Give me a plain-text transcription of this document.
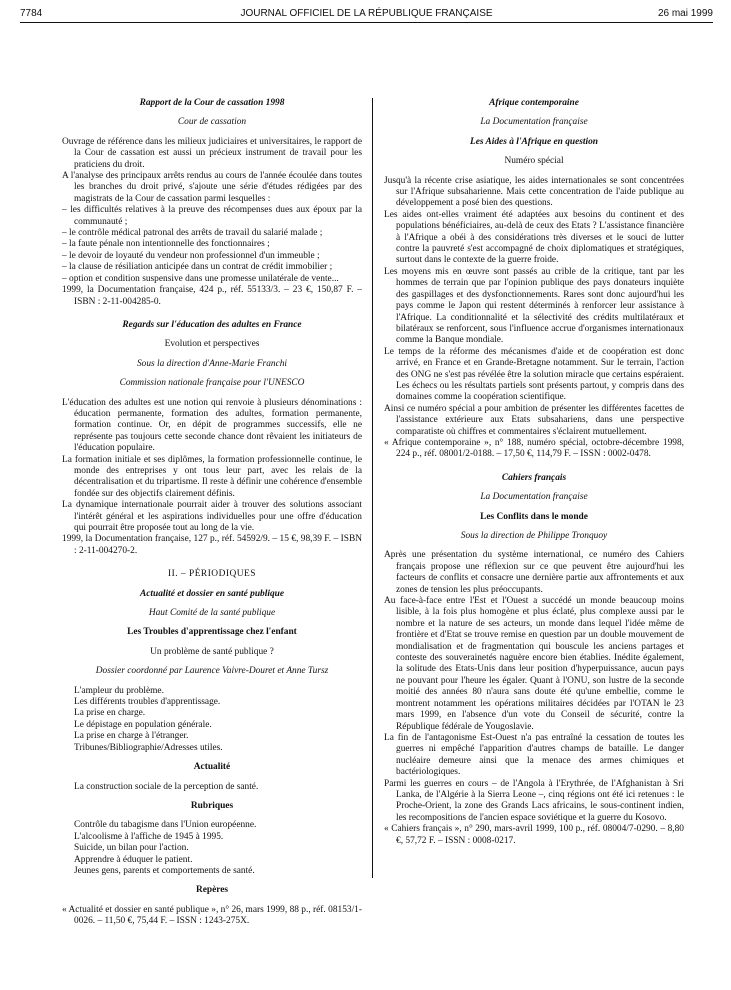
7784	JOURNAL OFFICIEL DE LA RÉPUBLIQUE FRANÇAISE	26 mai 1999
Rapport de la Cour de cassation 1998
Cour de cassation

Ouvrage de référence dans les milieux judiciaires et universitaires, le rapport de la Cour de cassation est aussi un précieux instrument de travail pour les praticiens du droit.

A l'analyse des principaux arrêts rendus au cours de l'année écoulée dans toutes les branches du droit privé, s'ajoute une série d'études rédigées par des magistrats de la Cour de cassation parmi lesquelles :

– les difficultés relatives à la preuve des récompenses dues aux époux par la communauté ;

– le contrôle médical patronal des arrêts de travail du salarié malade ;

– la faute pénale non intentionnelle des fonctionnaires ;

– le devoir de loyauté du vendeur non professionnel d'un immeuble ;

– la clause de résiliation anticipée dans un contrat de crédit immobilier ;

– option et condition suspensive dans une promesse unilatérale de vente...

1999, la Documentation française, 424 p., réf. 55133/3. – 23 €, 150,87 F. – ISBN : 2-11-004285-0.

Regards sur l'éducation des adultes en France
Evolution et perspectives
Sous la direction d'Anne-Marie Franchi
Commission nationale française pour l'UNESCO

L'éducation des adultes est une notion qui renvoie à plusieurs dénominations : éducation permanente, formation des adultes, formation permanente, formation continue. Or, en dépit de programmes successifs, elle ne représente pas toujours cette seconde chance dont rêvaient les initiateurs de l'éducation populaire.

La formation initiale et ses diplômes, la formation professionnelle continue, le monde des entreprises y ont tous leur part, avec les relais de la décentralisation et du tripartisme. Il reste à définir une cohérence d'ensemble fondée sur des objectifs clairement définis.

La dynamique internationale pourrait aider à trouver des solutions associant l'intérêt général et les aspirations individuelles pour une offre d'éducation qui pourrait être proposée tout au long de la vie.

1999, la Documentation française, 127 p., réf. 54592/9. – 15 €, 98,39 F. – ISBN : 2-11-004270-2.

II. – PÉRIODIQUES
Actualité et dossier en santé publique
Haut Comité de la santé publique
Les Troubles d'apprentissage chez l'enfant
Un problème de santé publique ?
Dossier coordonné par Laurence Vaivre-Douret et Anne Tursz

L'ampleur du problème.

Les différents troubles d'apprentissage.

La prise en charge.

Le dépistage en population générale.

La prise en charge à l'étranger.

Tribunes/Bibliographie/Adresses utiles.

Actualité

La construction sociale de la perception de santé.

Rubriques

Contrôle du tabagisme dans l'Union européenne.

L'alcoolisme à l'affiche de 1945 à 1995.

Suicide, un bilan pour l'action.

Apprendre à éduquer le patient.

Jeunes gens, parents et comportements de santé.

Repères

« Actualité et dossier en santé publique », n° 26, mars 1999, 88 p., réf. 08153/1-0026. – 11,50 €, 75,44 F. – ISSN : 1243-275X.

Afrique contemporaine
La Documentation française
Les Aides à l'Afrique en question
Numéro spécial

Jusqu'à la récente crise asiatique, les aides internationales se sont concentrées sur l'Afrique subsaharienne. Mais cette concentration de l'aide publique au développement a posé bien des questions.

Les aides ont-elles vraiment été adaptées aux besoins du continent et des populations bénéficiaires, au-delà de ceux des Etats ? L'assistance financière à l'Afrique a obéi à des considérations très diverses et le souci de lutter contre la pauvreté s'est accompagné de choix diplomatiques et stratégiques, surtout dans le contexte de la guerre froide.

Les moyens mis en œuvre sont passés au crible de la critique, tant par les hommes de terrain que par l'opinion publique des pays donateurs inquiète des gaspillages et des dysfonctionnements. Rares sont donc aujourd'hui les pays comme le Japon qui restent déterminés à renforcer leur assistance à l'Afrique. La conditionnalité et la sélectivité des crédits multilatéraux et bilatéraux se renforcent, sous l'influence accrue d'organismes internationaux comme la Banque mondiale.

Le temps de la réforme des mécanismes d'aide et de coopération est donc arrivé, en France et en Grande-Bretagne notamment. Sur le terrain, l'action des ONG ne s'est pas révélée être la solution miracle que certains espéraient. Les échecs ou les résultats partiels sont présents partout, y compris dans des domaines comme la coopération scientifique.

Ainsi ce numéro spécial a pour ambition de présenter les différentes facettes de l'assistance extérieure aux Etats subsahariens, dans une perspective comparatiste où chiffres et commentaires s'éclairent mutuellement.

« Afrique contemporaine », n° 188, numéro spécial, octobre-décembre 1998, 224 p., réf. 08001/2-0188. – 17,50 €, 114,79 F. – ISSN : 0002-0478.

Cahiers français
La Documentation française
Les Conflits dans le monde
Sous la direction de Philippe Tronquoy

Après une présentation du système international, ce numéro des Cahiers français propose une réflexion sur ce que peuvent être aujourd'hui les facteurs de conflits et consacre une dernière partie aux affrontements et aux zones de tension les plus préoccupants.

Au face-à-face entre l'Est et l'Ouest a succédé un monde beaucoup moins lisible, à la fois plus homogène et plus éclaté, plus complexe aussi par le nombre et la nature de ses acteurs, un monde dans lequel l'idée même de frontière et d'Etat se trouve remise en question par un double mouvement de mondialisation et de fragmentation qui bouscule les anciens partages et conteste des souverainetés naguère encore bien établies. Inédite également, la solitude des Etats-Unis dans leur position d'hyperpuissance, aucun pays ne pouvant pour l'heure les égaler. Quant à l'ONU, son lustre de la seconde moitié des années 80 n'aura sans doute été qu'une embellie, comme le montrent notamment les opérations militaires décidées par l'OTAN le 23 mars 1999, en l'absence d'un vote du Conseil de sécurité, contre la République fédérale de Yougoslavie.

La fin de l'antagonisme Est-Ouest n'a pas entraîné la cessation de toutes les guerres ni empêché l'apparition d'autres champs de bataille. Le danger nucléaire demeure ainsi que la menace des armes chimiques et bactériologiques.

Parmi les guerres en cours – de l'Angola à l'Erythrée, de l'Afghanistan à Sri Lanka, de l'Algérie à la Sierra Leone –, cinq régions ont été ici retenues : le Proche-Orient, la zone des Grands Lacs africains, le sous-continent indien, les recompositions de l'ancien espace soviétique et la guerre du Kosovo.

« Cahiers français », n° 290, mars-avril 1999, 100 p., réf. 08004/7-0290. – 8,80 €, 57,72 F. – ISSN : 0008-0217.
